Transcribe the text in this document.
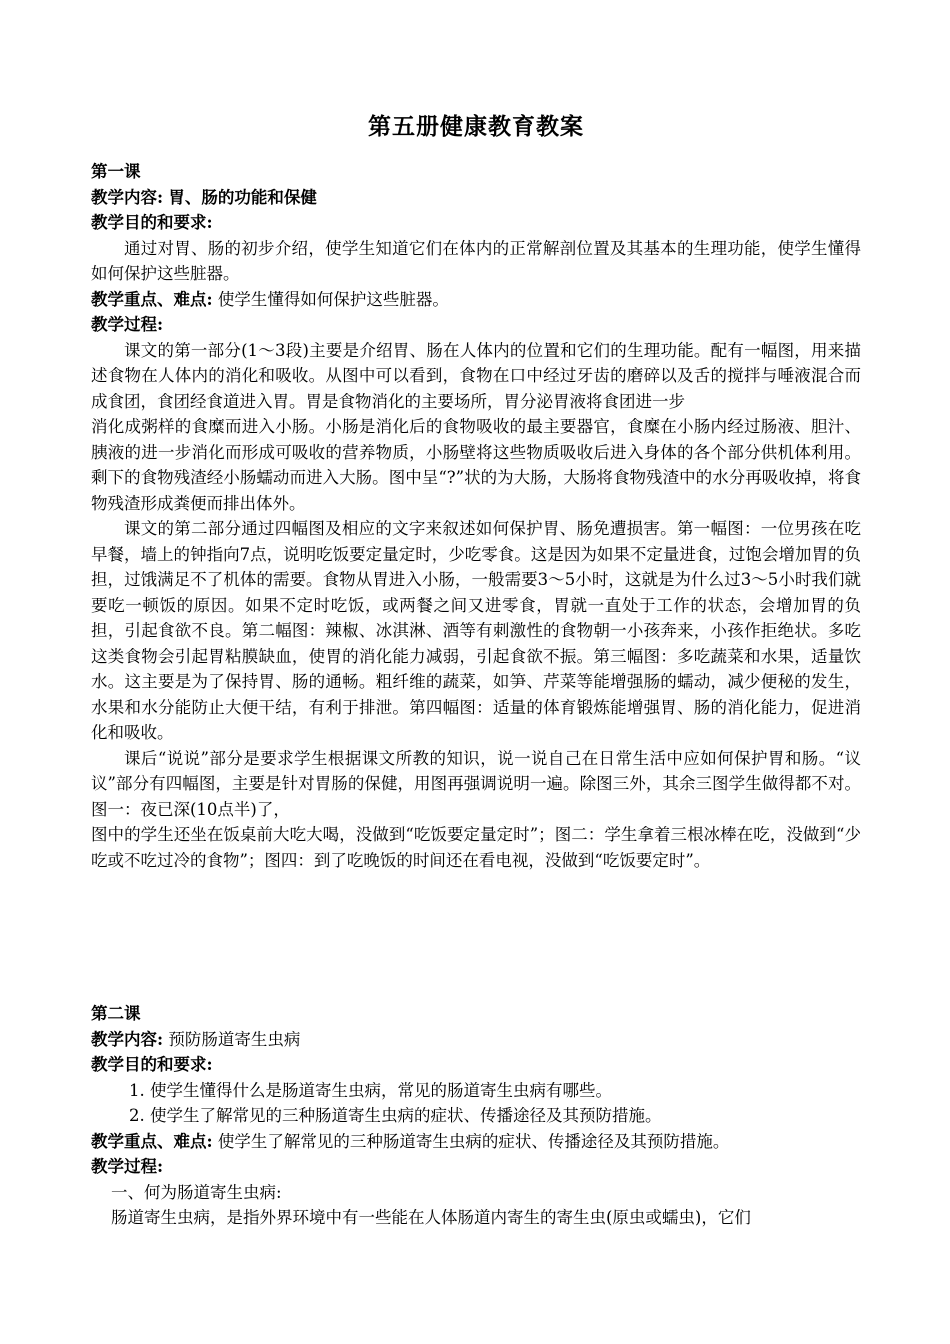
第五册健康教育教案

第一课

教学内容: 胃、肠的功能和保健

教学目的和要求:

通过对胃、肠的初步介绍，使学生知道它们在体内的正常解剖位置及其基本的生理功能，使学生懂得如何保护这些脏器。

教学重点、难点: 使学生懂得如何保护这些脏器。

教学过程:

课文的第一部分(1～3段)主要是介绍胃、肠在人体内的位置和它们的生理功能。配有一幅图，用来描述食物在人体内的消化和吸收。从图中可以看到，食物在口中经过牙齿的磨碎以及舌的搅拌与唾液混合而成食团，食团经食道进入胃。胃是食物消化的主要场所，胃分泌胃液将食团进一步

消化成粥样的食糜而进入小肠。小肠是消化后的食物吸收的最主要器官，食糜在小肠内经过肠液、胆汁、胰液的进一步消化而形成可吸收的营养物质，小肠壁将这些物质吸收后进入身体的各个部分供机体利用。剩下的食物残渣经小肠蠕动而进入大肠。图中呈“?”状的为大肠，大肠将食物残渣中的水分再吸收掉，将食物残渣形成粪便而排出体外。

课文的第二部分通过四幅图及相应的文字来叙述如何保护胃、肠免遭损害。第一幅图：一位男孩在吃早餐，墙上的钟指向7点，说明吃饭要定量定时，少吃零食。这是因为如果不定量进食，过饱会增加胃的负担，过饿满足不了机体的需要。食物从胃进入小肠，一般需要3～5小时，这就是为什么过3～5小时我们就要吃一顿饭的原因。如果不定时吃饭，或两餐之间又进零食，胃就一直处于工作的状态，会增加胃的负担，引起食欲不良。第二幅图：辣椒、冰淇淋、酒等有刺激性的食物朝一小孩奔来，小孩作拒绝状。多吃这类食物会引起胃粘膜缺血，使胃的消化能力减弱，引起食欲不振。第三幅图：多吃蔬菜和水果，适量饮水。这主要是为了保持胃、肠的通畅。粗纤维的蔬菜，如笋、芹菜等能增强肠的蠕动，减少便秘的发生，水果和水分能防止大便干结，有利于排泄。第四幅图：适量的体育锻炼能增强胃、肠的消化能力，促进消化和吸收。

课后“说说”部分是要求学生根据课文所教的知识，说一说自己在日常生活中应如何保护胃和肠。“议议”部分有四幅图，主要是针对胃肠的保健，用图再强调说明一遍。除图三外，其余三图学生做得都不对。图一：夜已深(10点半)了，

图中的学生还坐在饭桌前大吃大喝，没做到“吃饭要定量定时”；图二：学生拿着三根冰棒在吃，没做到“少吃或不吃过冷的食物”；图四：到了吃晚饭的时间还在看电视，没做到“吃饭要定时”。

第二课

教学内容: 预防肠道寄生虫病

教学目的和要求:

1. 使学生懂得什么是肠道寄生虫病，常见的肠道寄生虫病有哪些。

2. 使学生了解常见的三种肠道寄生虫病的症状、传播途径及其预防措施。

教学重点、难点: 使学生了解常见的三种肠道寄生虫病的症状、传播途径及其预防措施。

教学过程:

一、何为肠道寄生虫病:

肠道寄生虫病，是指外界环境中有一些能在人体肠道内寄生的寄生虫(原虫或蠕虫)，它们
